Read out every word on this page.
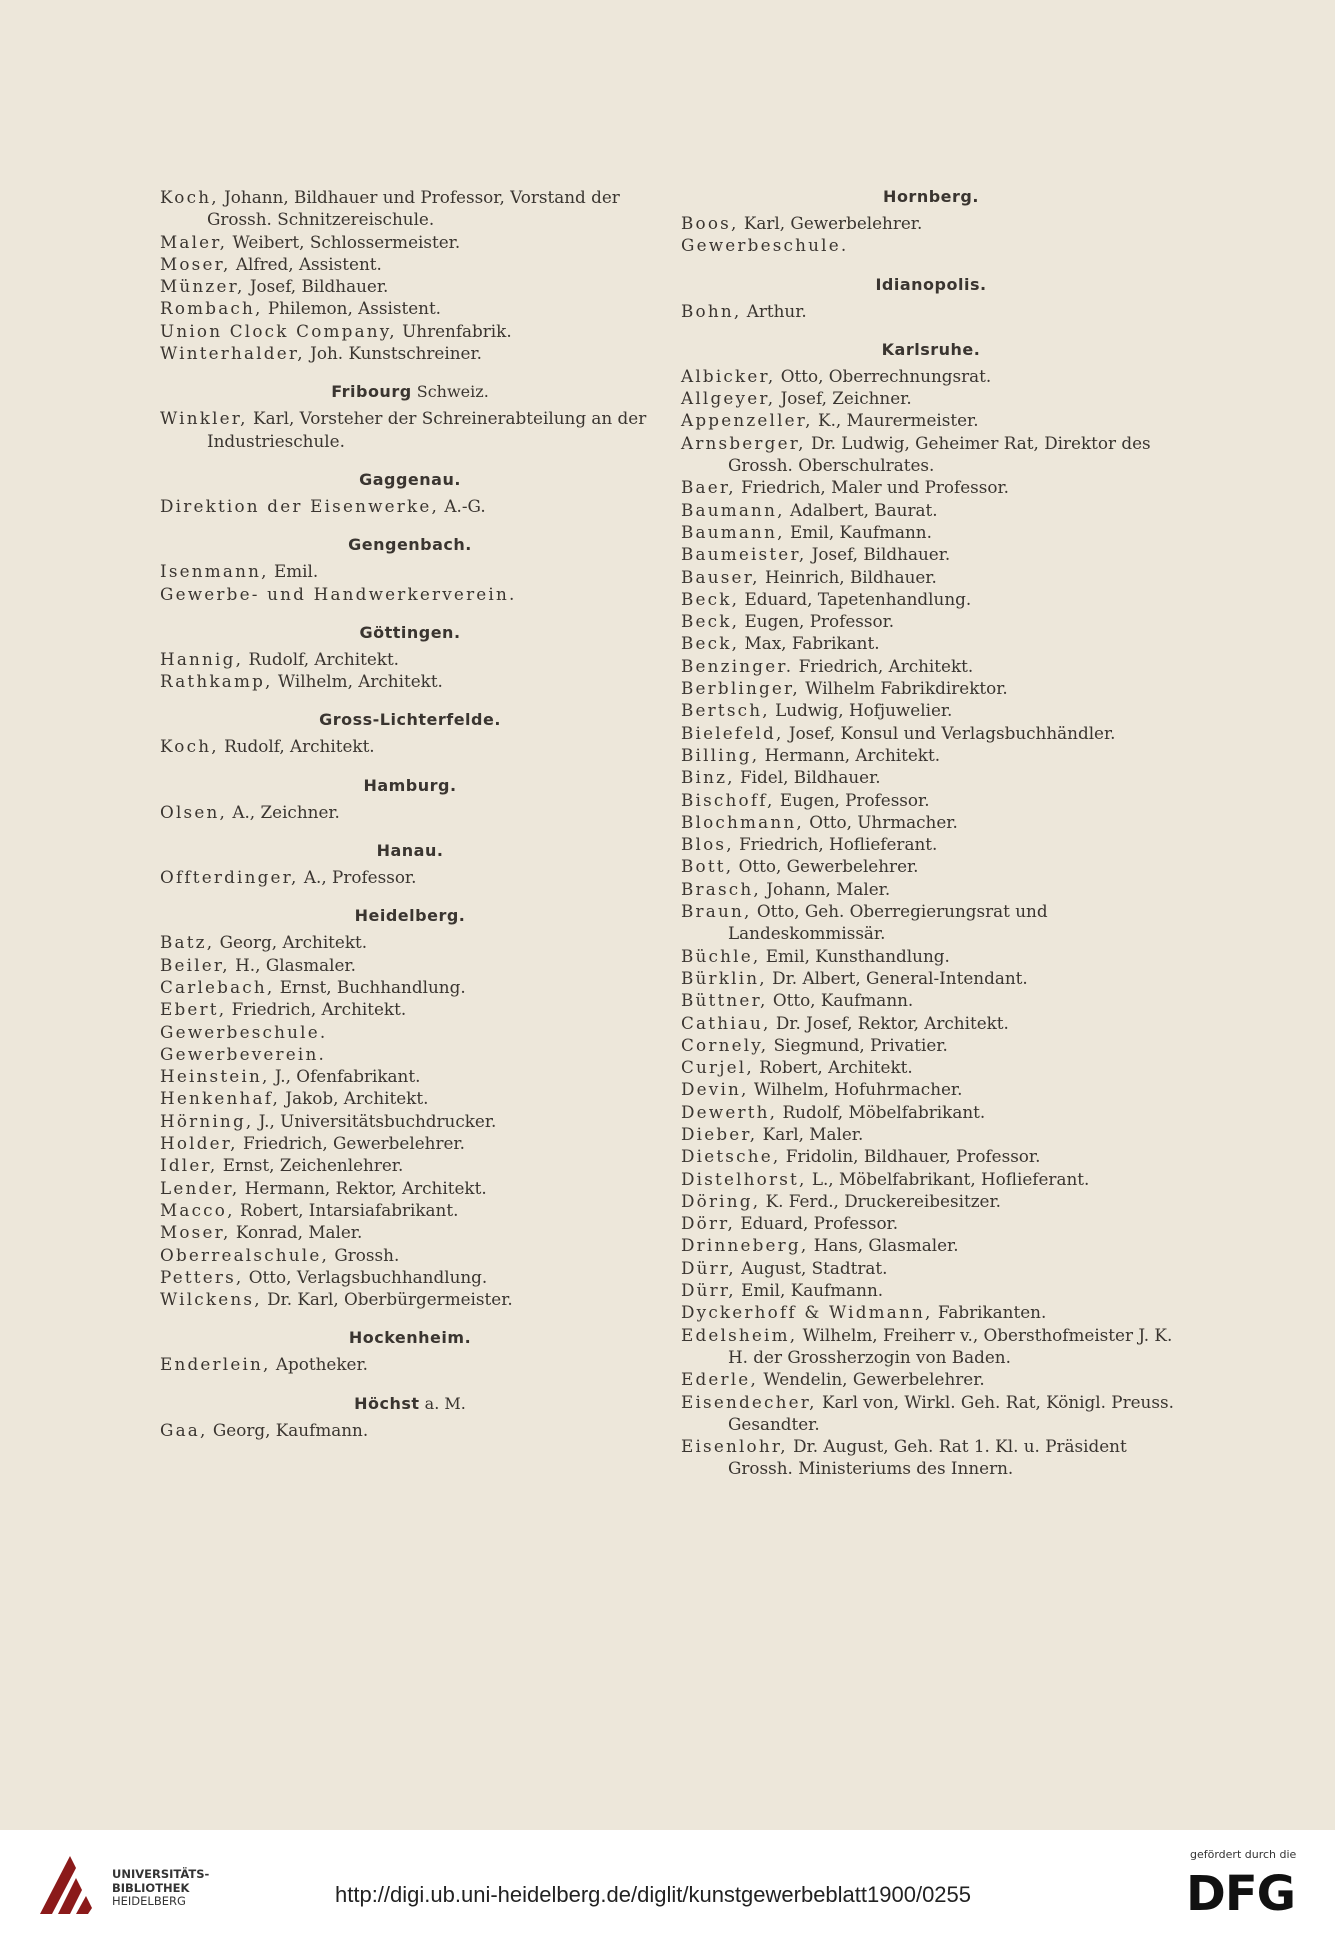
Koch, Johann, Bildhauer und Professor, Vorstand der Grossh. Schnitzereischule.
Maler, Weibert, Schlossermeister.
Moser, Alfred, Assistent.
Münzer, Josef, Bildhauer.
Rombach, Philemon, Assistent.
Union Clock Company, Uhrenfabrik.
Winterhalder, Joh. Kunstschreiner.
Fribourg Schweiz.
Winkler, Karl, Vorsteher der Schreinerabteilung an der Industrieschule.
Gaggenau.
Direktion der Eisenwerke, A.-G.
Gengenbach.
Isenmann, Emil.
Gewerbe- und Handwerkerverein.
Göttingen.
Hannig, Rudolf, Architekt.
Rathkamp, Wilhelm, Architekt.
Gross-Lichterfelde.
Koch, Rudolf, Architekt.
Hamburg.
Olsen, A., Zeichner.
Hanau.
Offterdinger, A., Professor.
Heidelberg.
Batz, Georg, Architekt.
Beiler, H., Glasmaler.
Carlebach, Ernst, Buchhandlung.
Ebert, Friedrich, Architekt.
Gewerbeschule.
Gewerbeverein.
Heinstein, J., Ofenfabrikant.
Henkenhaf, Jakob, Architekt.
Hörning, J., Universitätsbuchdrucker.
Holder, Friedrich, Gewerbelehrer.
Idler, Ernst, Zeichenlehrer.
Lender, Hermann, Rektor, Architekt.
Macco, Robert, Intarsiafabrikant.
Moser, Konrad, Maler.
Oberrealschule, Grossh.
Petters, Otto, Verlagsbuchhandlung.
Wilckens, Dr. Karl, Oberbürgermeister.
Hockenheim.
Enderlein, Apotheker.
Höchst a. M.
Gaa, Georg, Kaufmann.
Hornberg.
Boos, Karl, Gewerbelehrer.
Gewerbeschule.
Idianopolis.
Bohn, Arthur.
Karlsruhe.
Albicker, Otto, Oberrechnungsrat.
Allgeyer, Josef, Zeichner.
Appenzeller, K., Maurermeister.
Arnsberger, Dr. Ludwig, Geheimer Rat, Direktor des Grossh. Oberschulrates.
Baer, Friedrich, Maler und Professor.
Baumann, Adalbert, Baurat.
Baumann, Emil, Kaufmann.
Baumeister, Josef, Bildhauer.
Bauser, Heinrich, Bildhauer.
Beck, Eduard, Tapetenhandlung.
Beck, Eugen, Professor.
Beck, Max, Fabrikant.
Benzinger. Friedrich, Architekt.
Berblinger, Wilhelm Fabrikdirektor.
Bertsch, Ludwig, Hofjuwelier.
Bielefeld, Josef, Konsul und Verlagsbuchhändler.
Billing, Hermann, Architekt.
Binz, Fidel, Bildhauer.
Bischoff, Eugen, Professor.
Blochmann, Otto, Uhrmacher.
Blos, Friedrich, Hoflieferant.
Bott, Otto, Gewerbelehrer.
Brasch, Johann, Maler.
Braun, Otto, Geh. Oberregierungsrat und Landeskommissär.
Büchle, Emil, Kunsthandlung.
Bürklin, Dr. Albert, General-Intendant.
Büttner, Otto, Kaufmann.
Cathiau, Dr. Josef, Rektor, Architekt.
Cornely, Siegmund, Privatier.
Curjel, Robert, Architekt.
Devin, Wilhelm, Hofuhrmacher.
Dewerth, Rudolf, Möbelfabrikant.
Dieber, Karl, Maler.
Dietsche, Fridolin, Bildhauer, Professor.
Distelhorst, L., Möbelfabrikant, Hoflieferant.
Döring, K. Ferd., Druckereibesitzer.
Dörr, Eduard, Professor.
Drinneberg, Hans, Glasmaler.
Dürr, August, Stadtrat.
Dürr, Emil, Kaufmann.
Dyckerhoff & Widmann, Fabrikanten.
Edelsheim, Wilhelm, Freiherr v., Obersthofmeister J. K. H. der Grossherzogin von Baden.
Ederle, Wendelin, Gewerbelehrer.
Eisendecher, Karl von, Wirkl. Geh. Rat, Königl. Preuss. Gesandter.
Eisenlohr, Dr. August, Geh. Rat 1. Kl. u. Präsident Grossh. Ministeriums des Innern.
UNIVERSITÄTS-
BIBLIOTHEK
HEIDELBERG	http://digi.ub.uni-heidelberg.de/diglit/kunstgewerbeblatt1900/0255
gefördert durch die
DFG
